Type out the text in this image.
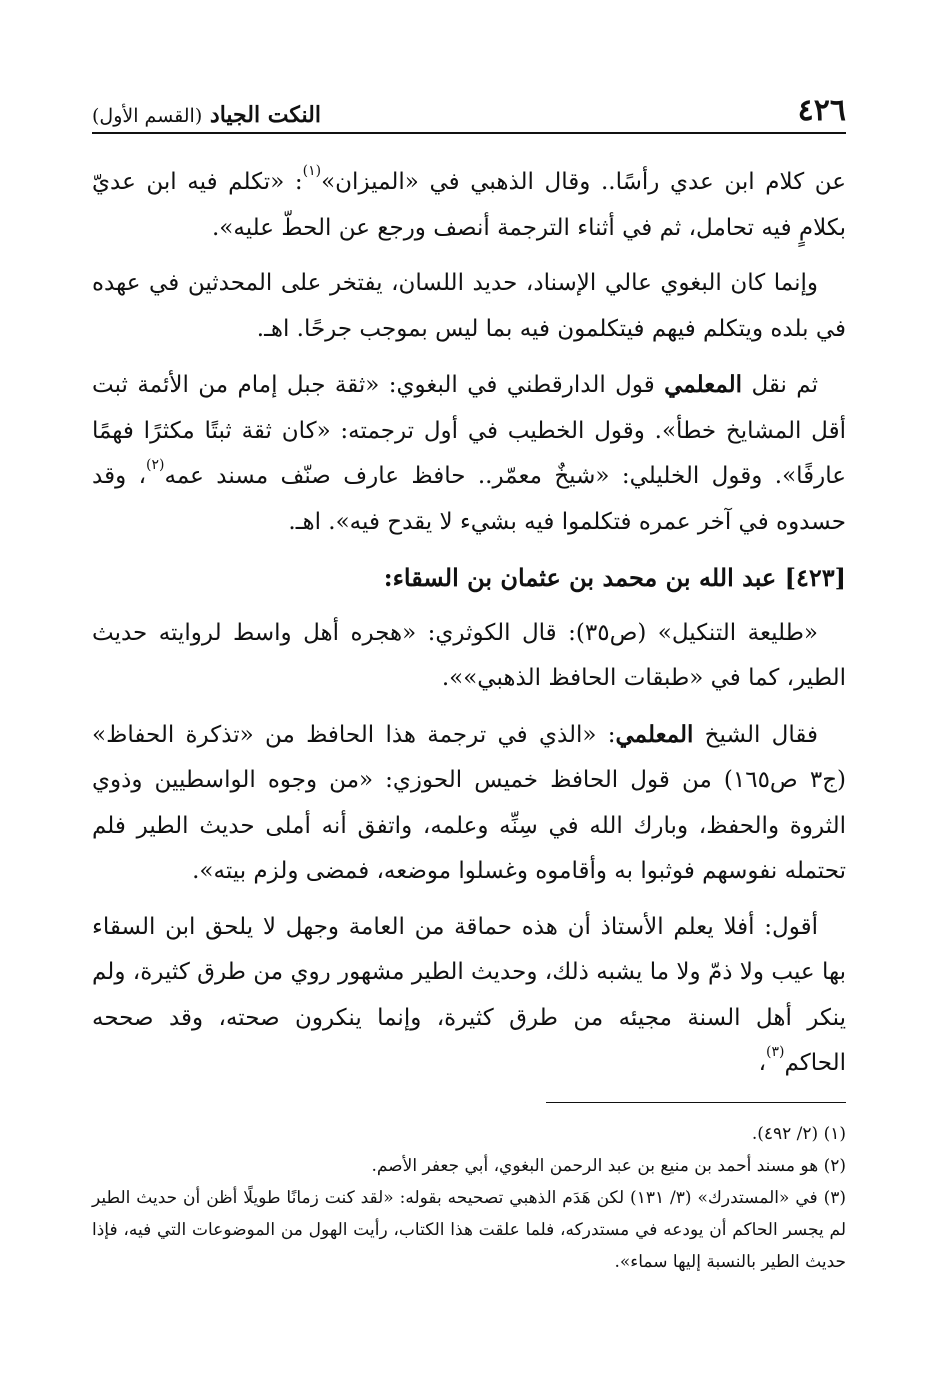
٤٢٦
النكت الجياد (القسم الأول)

عن كلام ابن عدي رأسًا.. وقال الذهبي في «الميزان»$^{(١)}$: «تكلم فيه ابن عديّ بكلامٍ فيه تحامل، ثم في أثناء الترجمة أنصف ورجع عن الحطّ عليه».

وإنما كان البغوي عالي الإسناد، حديد اللسان، يفتخر على المحدثين في عهده في بلده ويتكلم فيهم فيتكلمون فيه بما ليس بموجب جرحًا. اهـ.

ثم نقل المعلمي قول الدارقطني في البغوي: «ثقة جبل إمام من الأئمة ثبت أقل المشايخ خطأ». وقول الخطيب في أول ترجمته: «كان ثقة ثبتًا مكثرًا فهمًا عارفًا». وقول الخليلي: «شيخٌ معمّر.. حافظ عارف صنّف مسند عمه$^{(٢)}$، وقد حسدوه في آخر عمره فتكلموا فيه بشيء لا يقدح فيه». اهـ.

[٤٢٣] عبد الله بن محمد بن عثمان بن السقاء:

«طليعة التنكيل» (ص٣٥): قال الكوثري: «هجره أهل واسط لروايته حديث الطير، كما في «طبقات الحافظ الذهبي»».

فقال الشيخ المعلمي: «الذي في ترجمة هذا الحافظ من «تذكرة الحفاظ» (ج٣ ص١٦٥) من قول الحافظ خميس الحوزي: «من وجوه الواسطيين وذوي الثروة والحفظ، وبارك الله في سِنِّه وعلمه، واتفق أنه أملى حديث الطير فلم تحتمله نفوسهم فوثبوا به وأقاموه وغسلوا موضعه، فمضى ولزم بيته».

أقول: أفلا يعلم الأستاذ أن هذه حماقة من العامة وجهل لا يلحق ابن السقاء بها عيب ولا ذمّ ولا ما يشبه ذلك، وحديث الطير مشهور روي من طرق كثيرة، ولم ينكر أهل السنة مجيئه من طرق كثيرة، وإنما ينكرون صحته، وقد صححه الحاكم$^{(٣)}$،

(١) (٢/ ٤٩٢).

(٢) هو مسند أحمد بن منيع بن عبد الرحمن البغوي، أبي جعفر الأصم.

(٣) في «المستدرك» (٣/ ١٣١) لكن هَدَم الذهبي تصحيحه بقوله: «لقد كنت زمانًا طويلًا أظن أن حديث الطير لم يجسر الحاكم أن يودعه في مستدركه، فلما علقت هذا الكتاب، رأيت الهول من الموضوعات التي فيه، فإذا حديث الطير بالنسبة إليها سماء».
